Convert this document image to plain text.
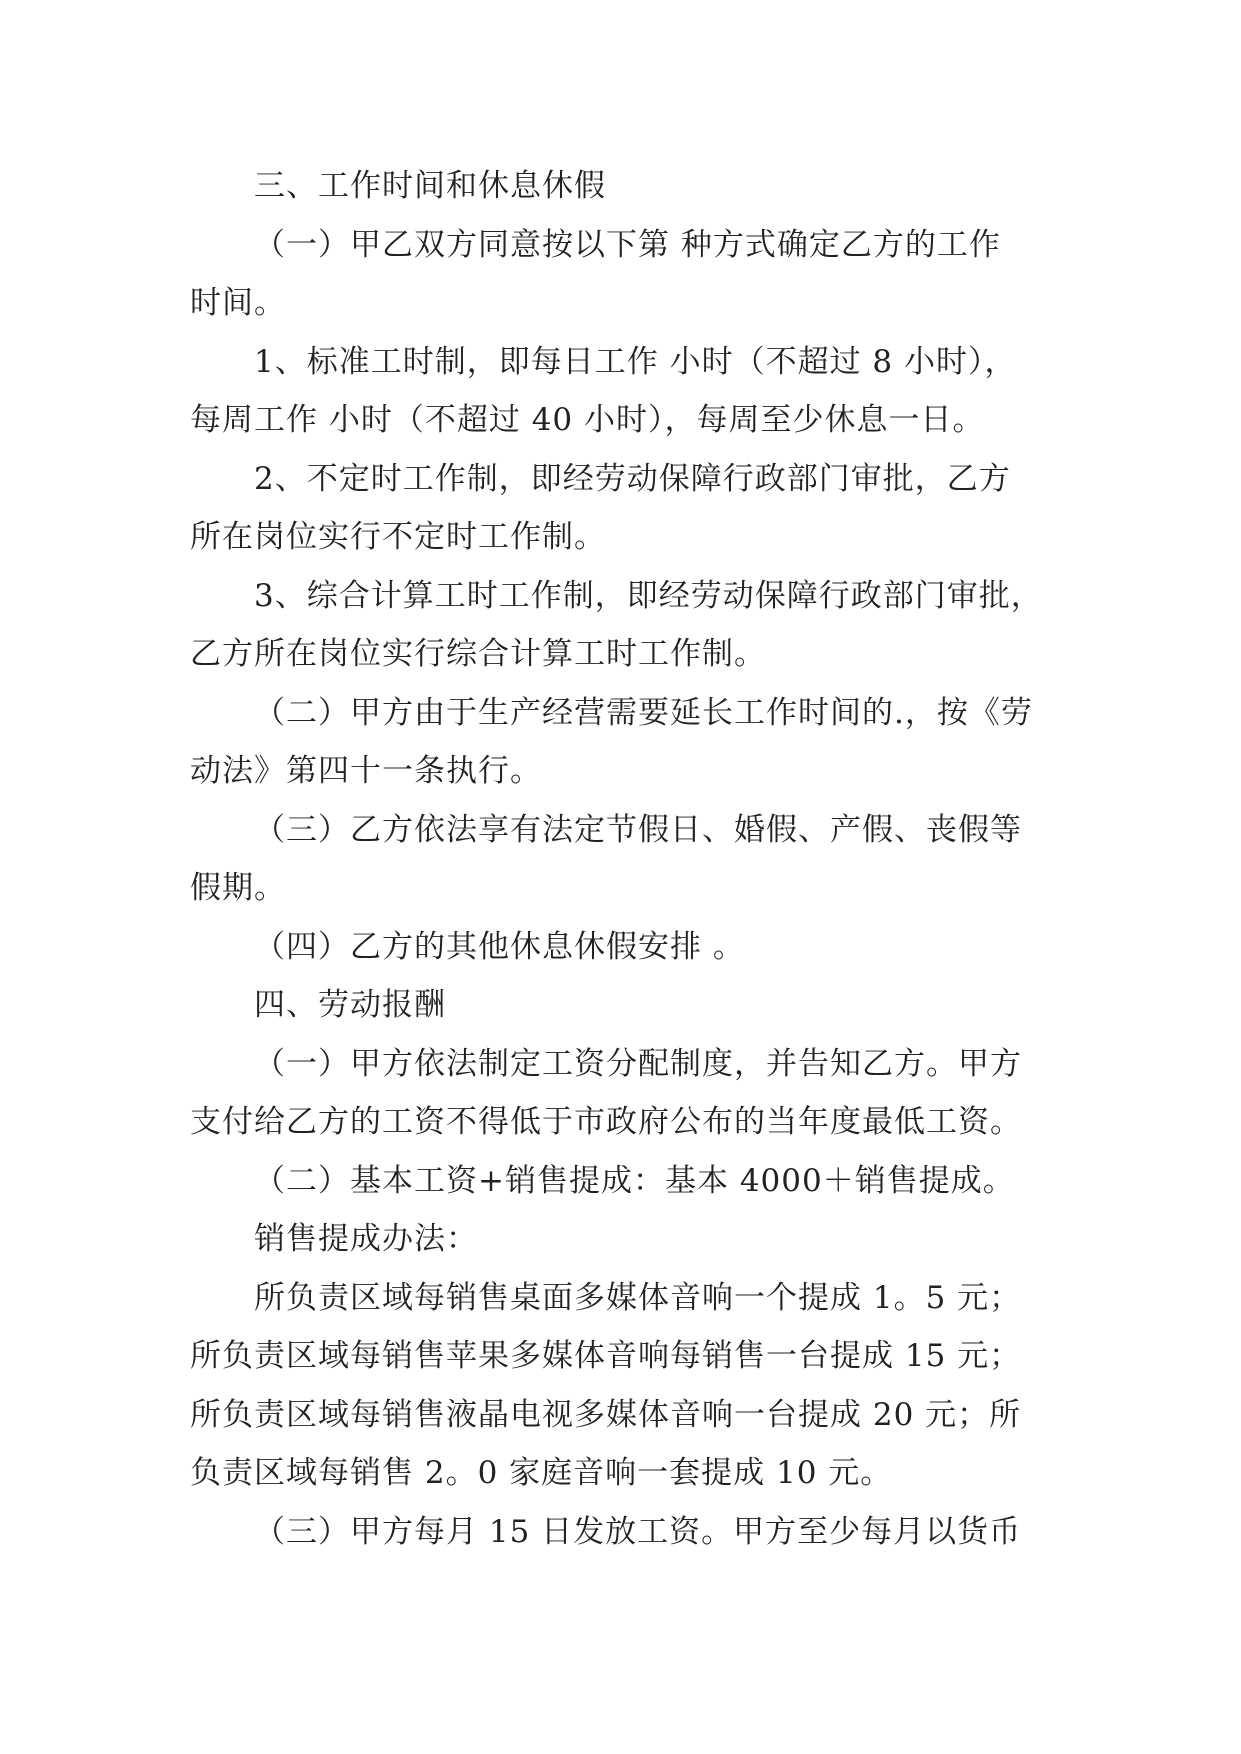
三、工作时间和休息休假
（一）甲乙双方同意按以下第 种方式确定乙方的工作
时间。
1、标准工时制，即每日工作 小时（不超过 8 小时），
每周工作 小时（不超过 40 小时），每周至少休息一日。
2、不定时工作制，即经劳动保障行政部门审批，乙方
所在岗位实行不定时工作制。
3、综合计算工时工作制，即经劳动保障行政部门审批，
乙方所在岗位实行综合计算工时工作制。
（二）甲方由于生产经营需要延长工作时间的.，按《劳
动法》第四十一条执行。
（三）乙方依法享有法定节假日、婚假、产假、丧假等
假期。
（四）乙方的其他休息休假安排 。
四、劳动报酬
（一）甲方依法制定工资分配制度，并告知乙方。甲方
支付给乙方的工资不得低于市政府公布的当年度最低工资。
（二）基本工资+销售提成：基本 4000＋销售提成。
销售提成办法：
所负责区域每销售桌面多媒体音响一个提成 1。5 元；
所负责区域每销售苹果多媒体音响每销售一台提成 15 元；
所负责区域每销售液晶电视多媒体音响一台提成 20 元；所
负责区域每销售 2。0 家庭音响一套提成 10 元。
（三）甲方每月 15 日发放工资。甲方至少每月以货币
